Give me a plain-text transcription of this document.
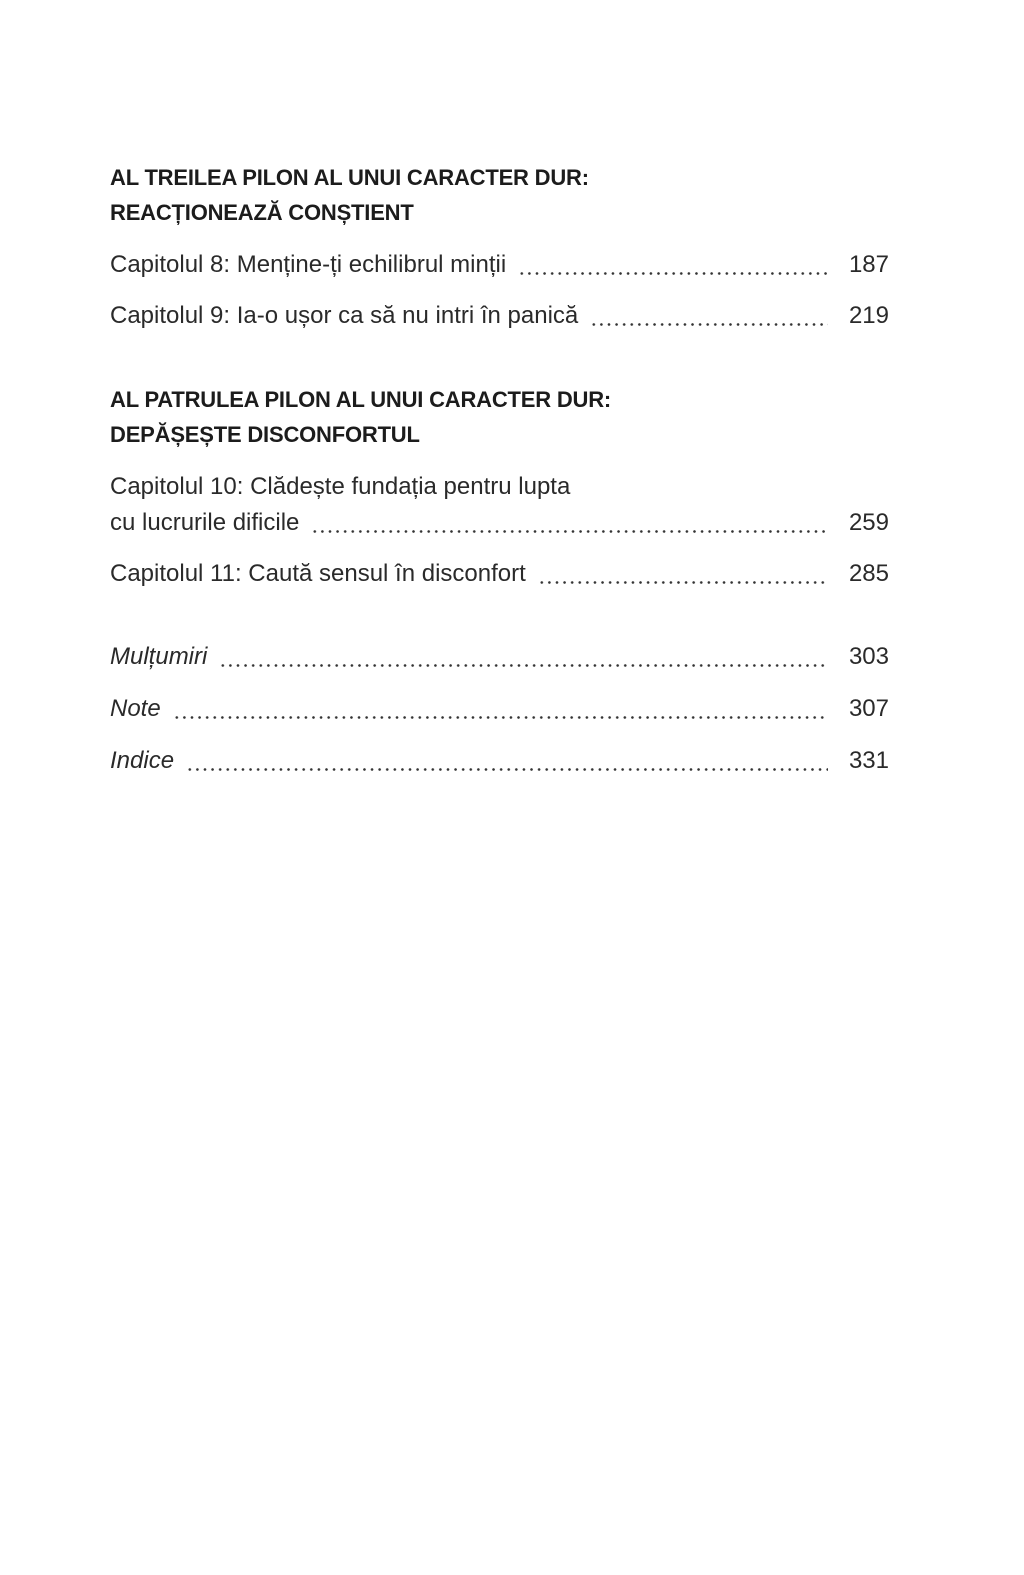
AL TREILEA PILON AL UNUI CARACTER DUR:
REACȚIONEAZĂ CONȘTIENT
Capitolul 8: Menține-ți echilibrul minții	187
Capitolul 9: Ia-o ușor ca să nu intri în panică	219
AL PATRULEA PILON AL UNUI CARACTER DUR:
DEPĂȘEȘTE DISCONFORTUL
Capitolul 10: Clădește fundația pentru lupta
cu lucrurile dificile	259
Capitolul 11: Caută sensul în disconfort	285
Mulțumiri	303
Note	307
Indice	331
